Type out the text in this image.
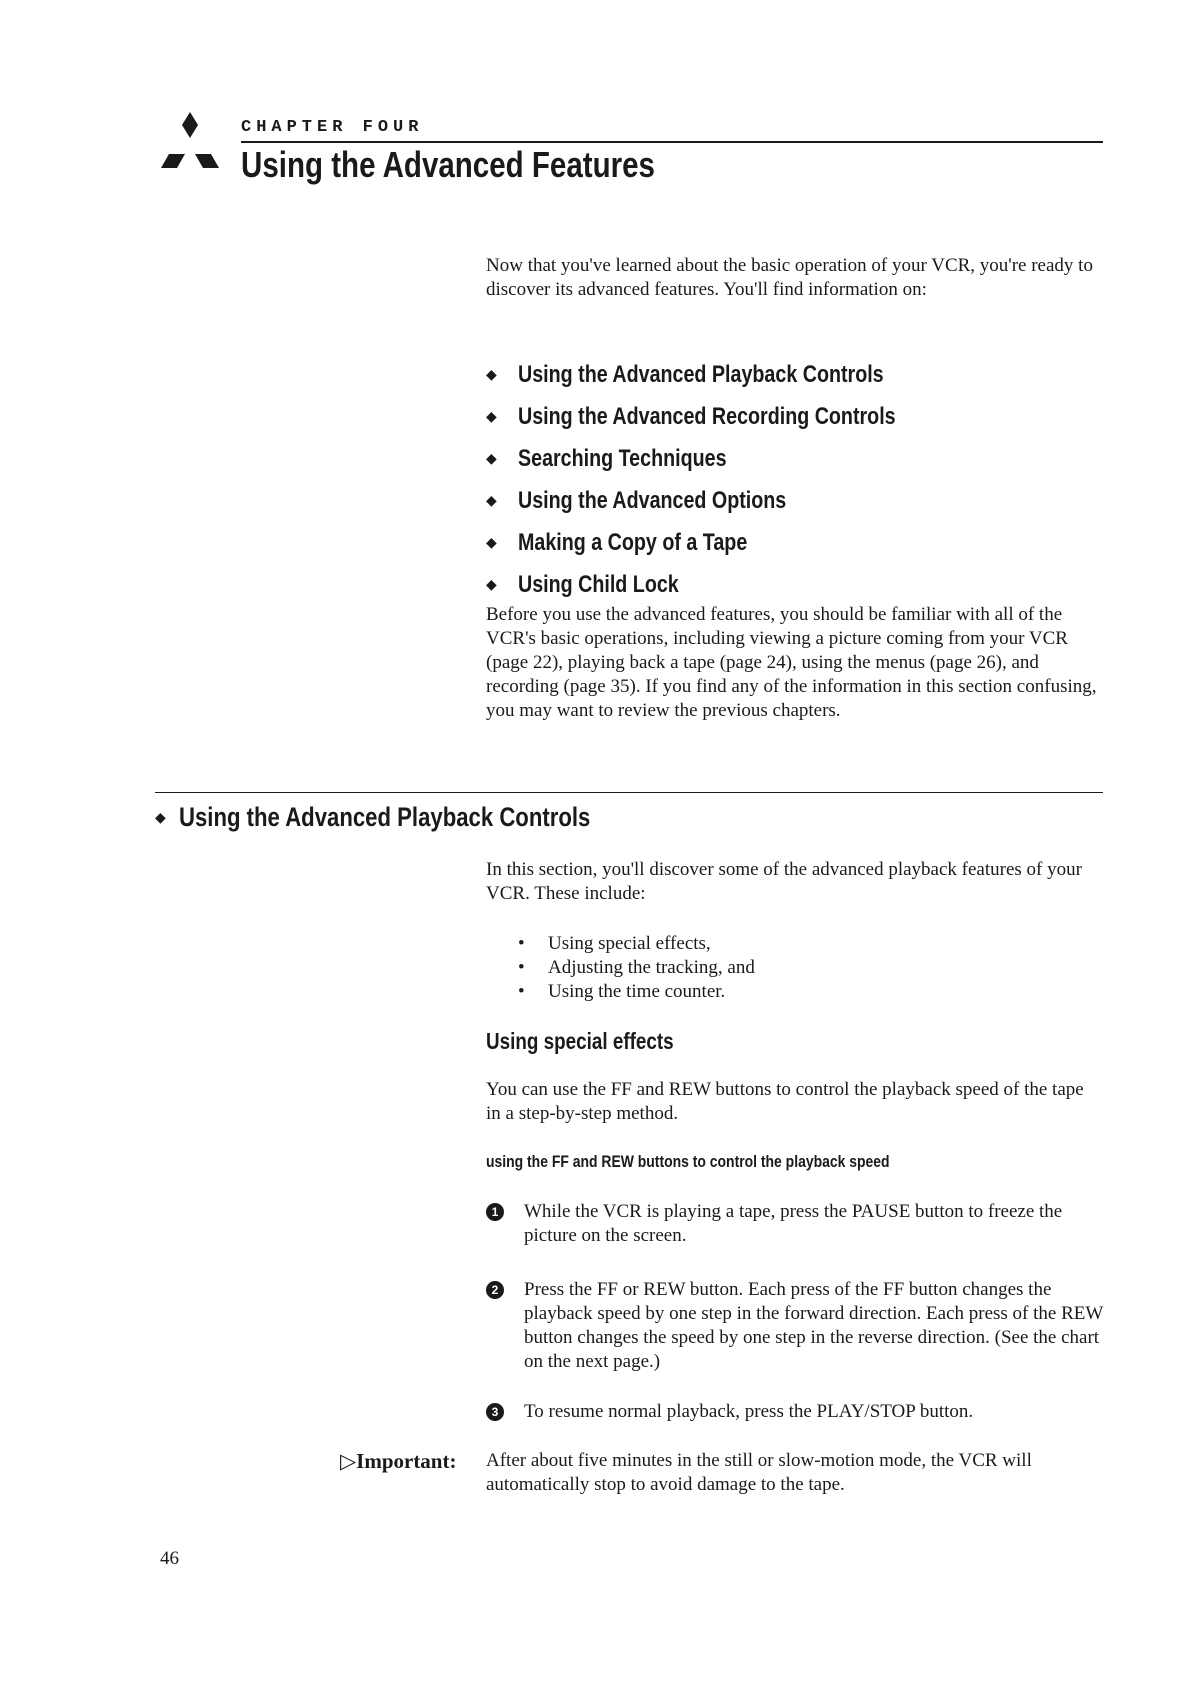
CHAPTER FOUR
Using the Advanced Features
Now that you've learned about the basic operation of your VCR, you're ready to discover its advanced features. You'll find information on:
◆ Using the Advanced Playback Controls
◆ Using the Advanced Recording Controls
◆ Searching Techniques
◆ Using the Advanced Options
◆ Making a Copy of a Tape
◆ Using Child Lock
Before you use the advanced features, you should be familiar with all of the VCR's basic operations, including viewing a picture coming from your VCR (page 22), playing back a tape (page 24), using the menus (page 26), and recording (page 35). If you find any of the information in this section confusing, you may want to review the previous chapters.
◆ Using the Advanced Playback Controls
In this section, you'll discover some of the advanced playback features of your VCR. These include:
•	Using special effects,
•	Adjusting the tracking, and
•	Using the time counter.
Using special effects
You can use the FF and REW buttons to control the playback speed of the tape in a step-by-step method.
using the FF and REW buttons to control the playback speed
1 While the VCR is playing a tape, press the PAUSE button to freeze the picture on the screen.
2 Press the FF or REW button. Each press of the FF button changes the playback speed by one step in the forward direction. Each press of the REW button changes the speed by one step in the reverse direction. (See the chart on the next page.)
3 To resume normal playback, press the PLAY/STOP button.
▷Important: After about five minutes in the still or slow-motion mode, the VCR will automatically stop to avoid damage to the tape.
46
